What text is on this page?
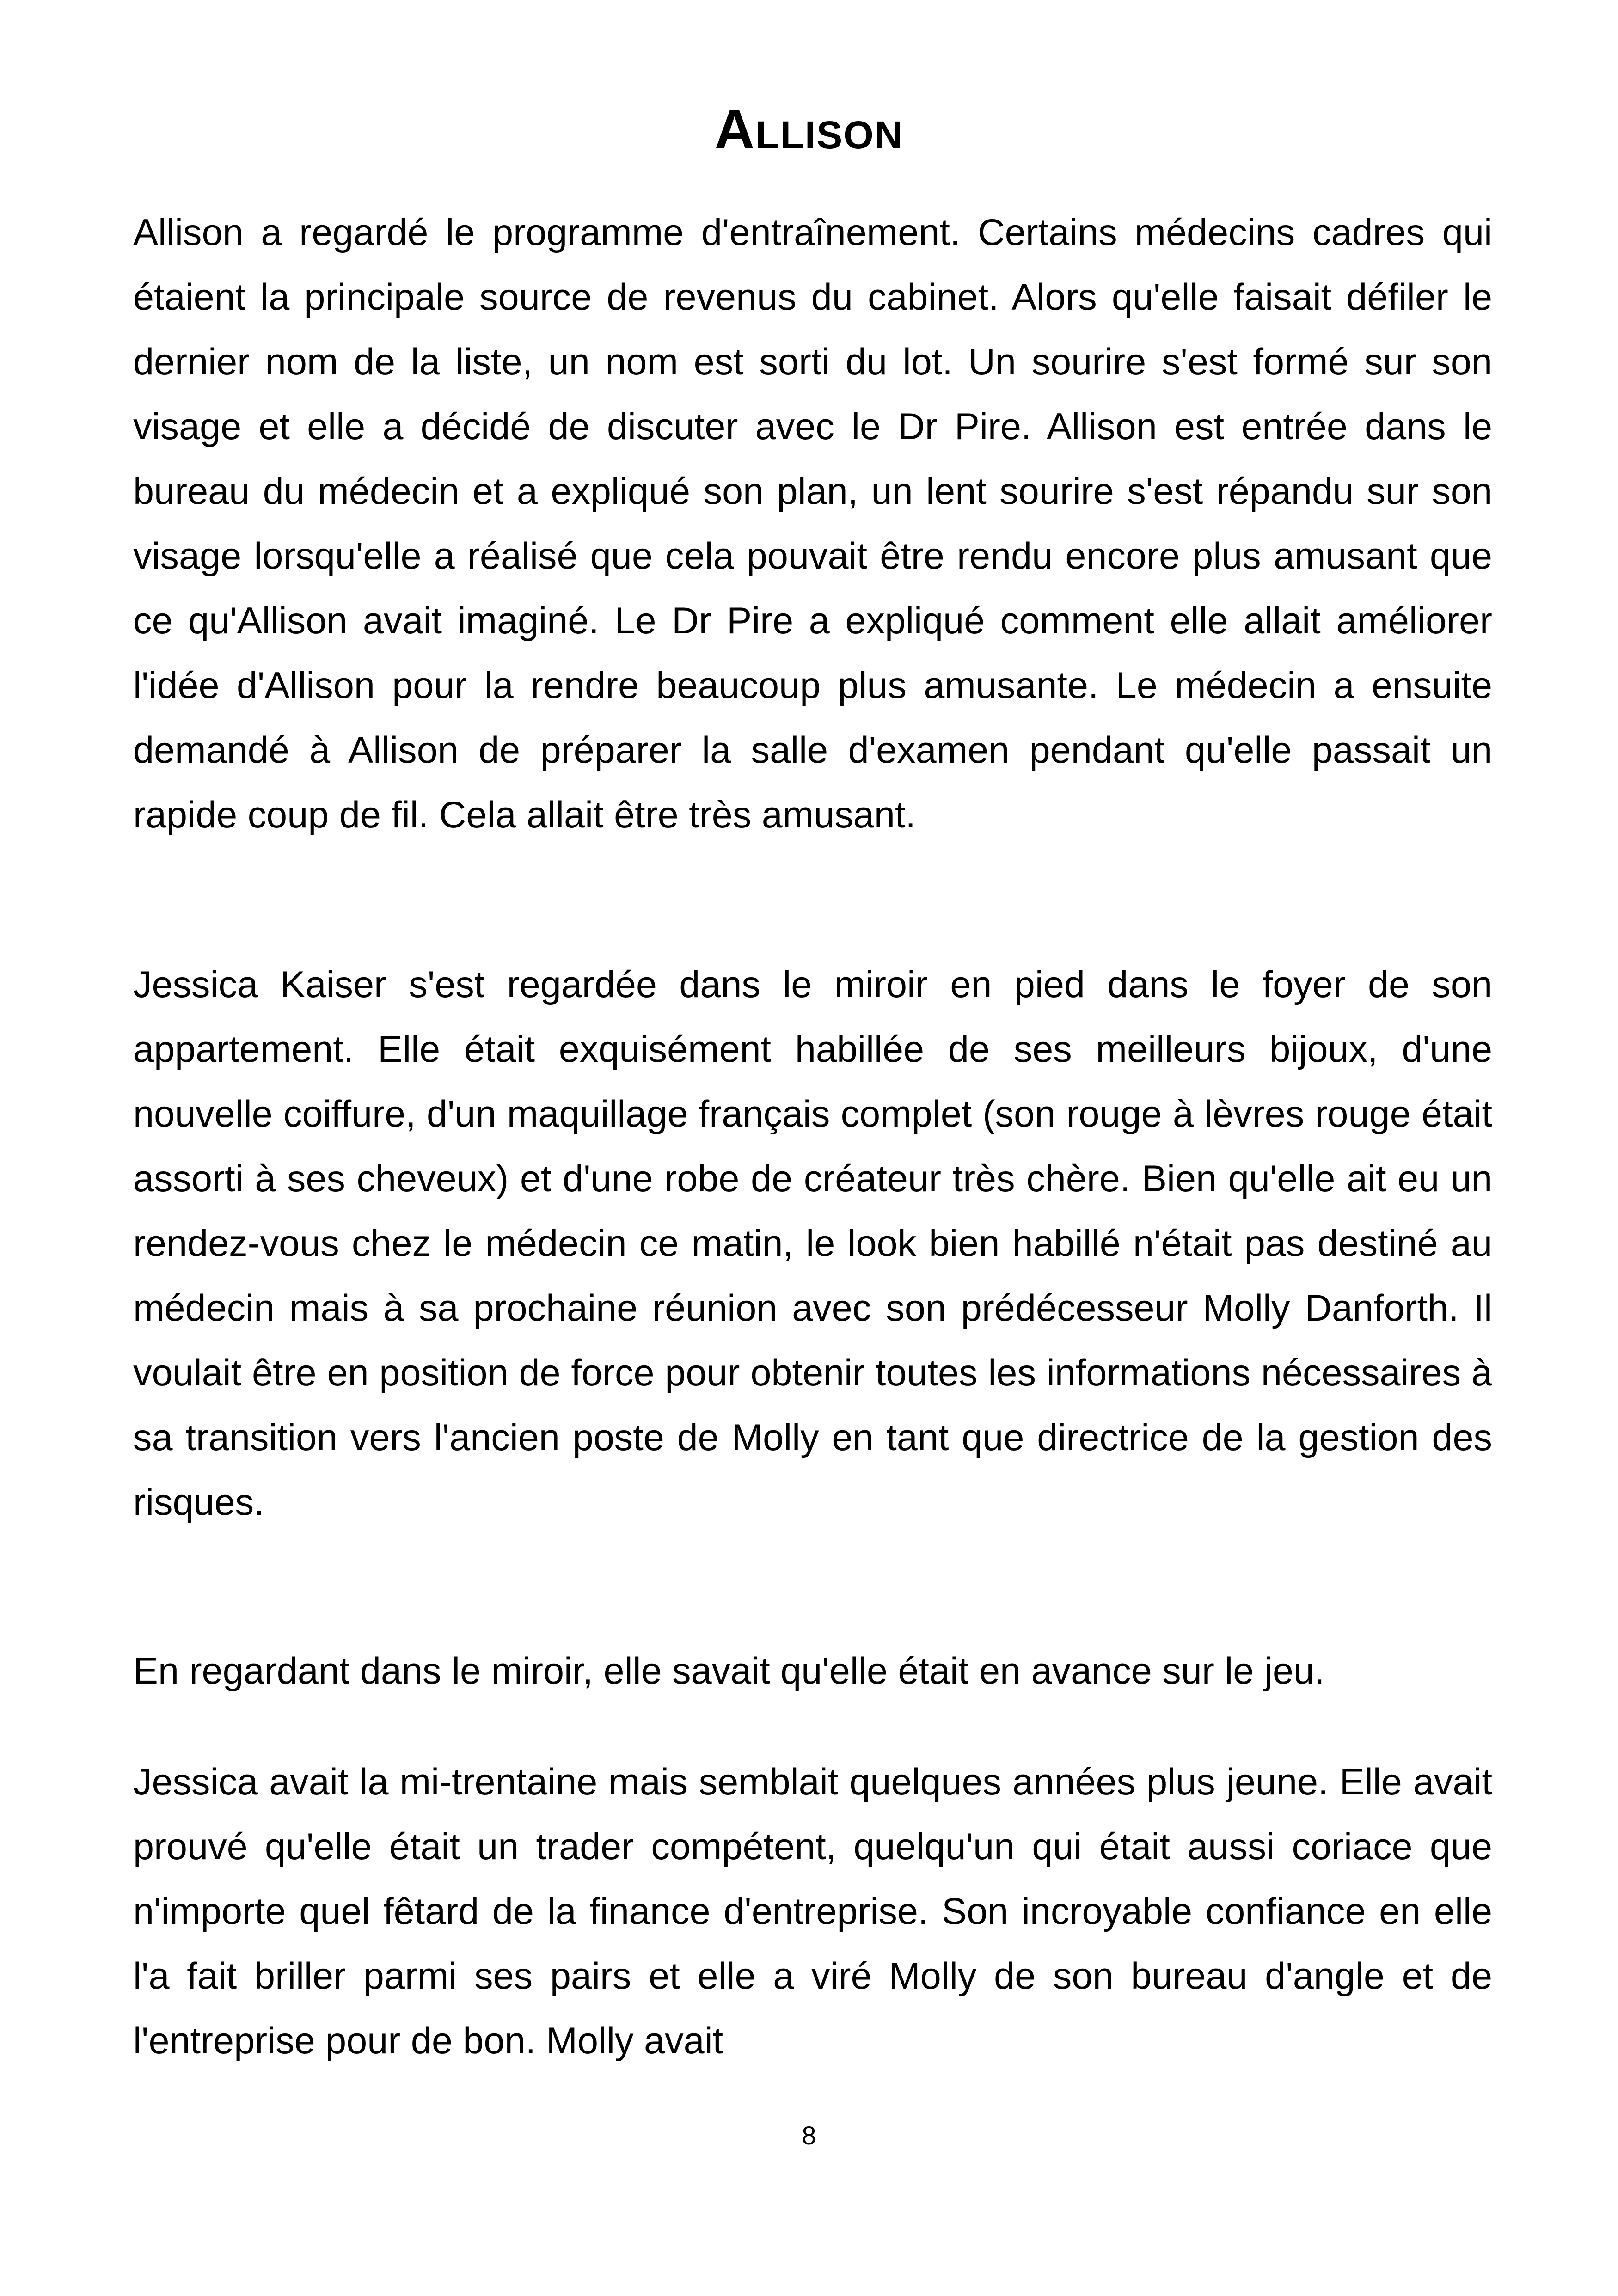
Allison

Allison a regardé le programme d'entraînement. Certains médecins cadres qui étaient la principale source de revenus du cabinet. Alors qu'elle faisait défiler le dernier nom de la liste, un nom est sorti du lot. Un sourire s'est formé sur son visage et elle a décidé de discuter avec le Dr Pire. Allison est entrée dans le bureau du médecin et a expliqué son plan, un lent sourire s'est répandu sur son visage lorsqu'elle a réalisé que cela pouvait être rendu encore plus amusant que ce qu'Allison avait imaginé. Le Dr Pire a expliqué comment elle allait améliorer l'idée d'Allison pour la rendre beaucoup plus amusante. Le médecin a ensuite demandé à Allison de préparer la salle d'examen pendant qu'elle passait un rapide coup de fil. Cela allait être très amusant.

Jessica Kaiser s'est regardée dans le miroir en pied dans le foyer de son appartement. Elle était exquisément habillée de ses meilleurs bijoux, d'une nouvelle coiffure, d'un maquillage français complet (son rouge à lèvres rouge était assorti à ses cheveux) et d'une robe de créateur très chère. Bien qu'elle ait eu un rendez-vous chez le médecin ce matin, le look bien habillé n'était pas destiné au médecin mais à sa prochaine réunion avec son prédécesseur Molly Danforth. Il voulait être en position de force pour obtenir toutes les informations nécessaires à sa transition vers l'ancien poste de Molly en tant que directrice de la gestion des risques.

En regardant dans le miroir, elle savait qu'elle était en avance sur le jeu.

Jessica avait la mi-trentaine mais semblait quelques années plus jeune. Elle avait prouvé qu'elle était un trader compétent, quelqu'un qui était aussi coriace que n'importe quel fêtard de la finance d'entreprise. Son incroyable confiance en elle l'a fait briller parmi ses pairs et elle a viré Molly de son bureau d'angle et de l'entreprise pour de bon. Molly avait

8
